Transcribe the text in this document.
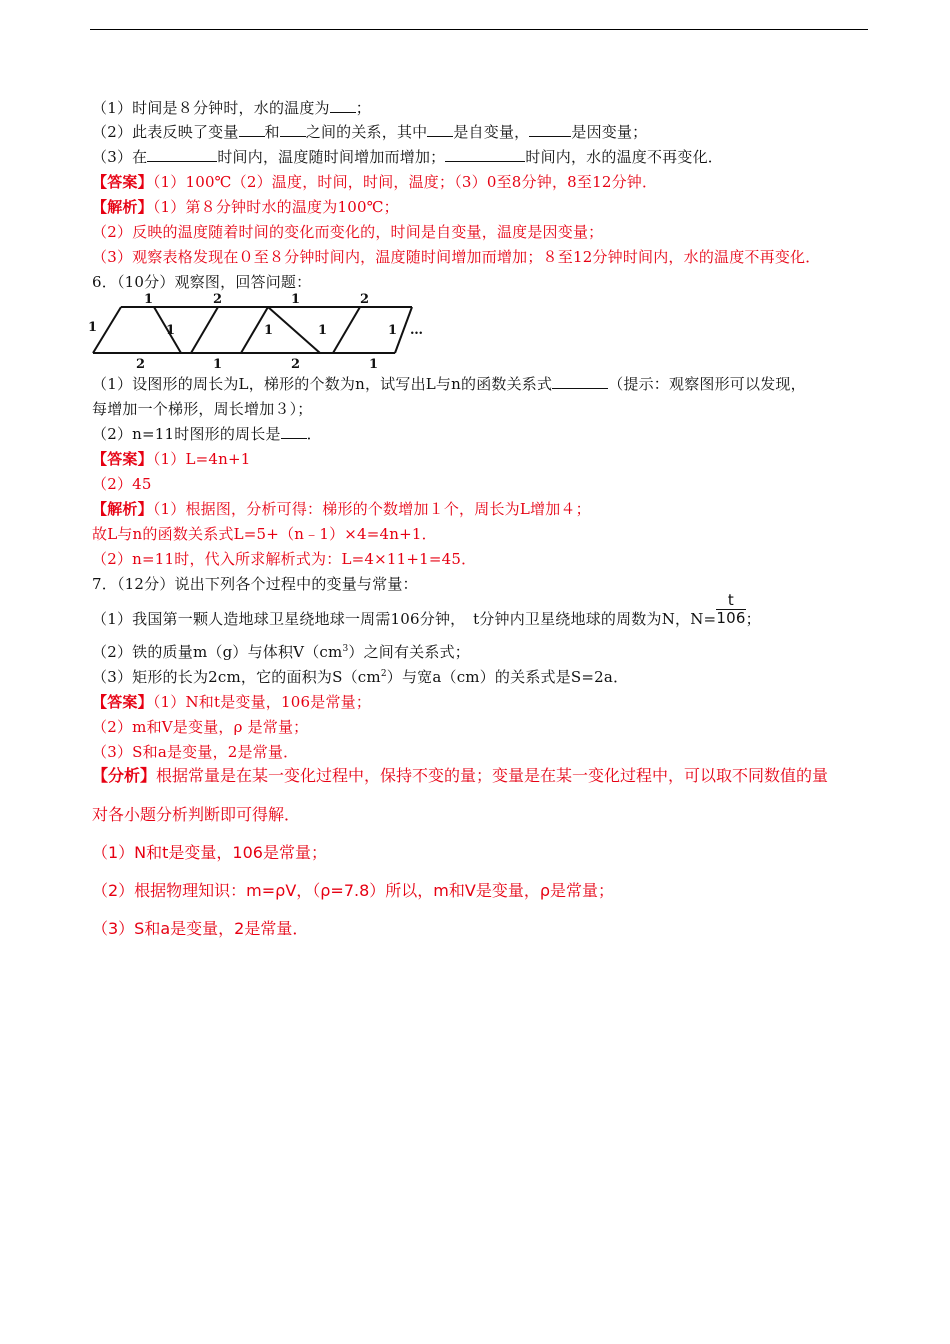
（1）时间是８分钟时，水的温度为 ；
（2）此表反映了变量 和 之间的关系，其中 是自变量，	是因变量；
（3）在	时间内，温度随时间增加而增加；	时间内，水的温度不再变化．
【答案】（1）100℃（2）温度，时间，时间，温度；（3）0至8分钟，8至12分钟．
【解析】（1）第８分钟时水的温度为100℃；
（2）反映的温度随着时间的变化而变化的，时间是自变量，温度是因变量；
（3）观察表格发现在０至８分钟时间内，温度随时间增加而增加；８至12分钟时间内，水的温度不再变化．
6．（10分）观察图，回答问题：
1	2	1	2
1	1	1	1	1 …
2	1	2	1
（1）设图形的周长为L，梯形的个数为n，试写出L与n的函数关系式	（提示：观察图形可以发现，
每增加一个梯形，周长增加３）；
（2）n=11时图形的周长是 ．
【答案】（1）L=4n+1
（2）45
【解析】（1）根据图，分析可得：梯形的个数增加１个，周长为L增加４；
故L与n的函数关系式L=5+（n﹣1）×4=4n+1．
（2）n=11时，代入所求解析式为：L=4×11+1=45．
7．（12分）说出下列各个过程中的变量与常量：
（1）我国第一颗人造地球卫星绕地球一周需106分钟，　t分钟内卫星绕地球的周数为N，$N= \frac{t}{106}$ ；
（2）铁的质量m（g）与体积$V(cm^3)$之间有关系式；
（3）矩形的长为2cm，它的面积为$S(cm^2)$与宽a（cm）的关系式是S=2a．
【答案】（1）N和t是变量，106是常量；
（2）m和V是变量，ρ 是常量；
（3）S和a是变量，2是常量．
【分析】根据常量是在某一变化过程中，保持不变的量；变量是在某一变化过程中，可以取不同数值的量
对各小题分析判断即可得解．
（1）N和t是变量，106是常量；
（2）根据物理知识：m=ρV，（ρ=7.8）所以，m和V是变量，ρ是常量；
（3）S和a是变量，2是常量．
